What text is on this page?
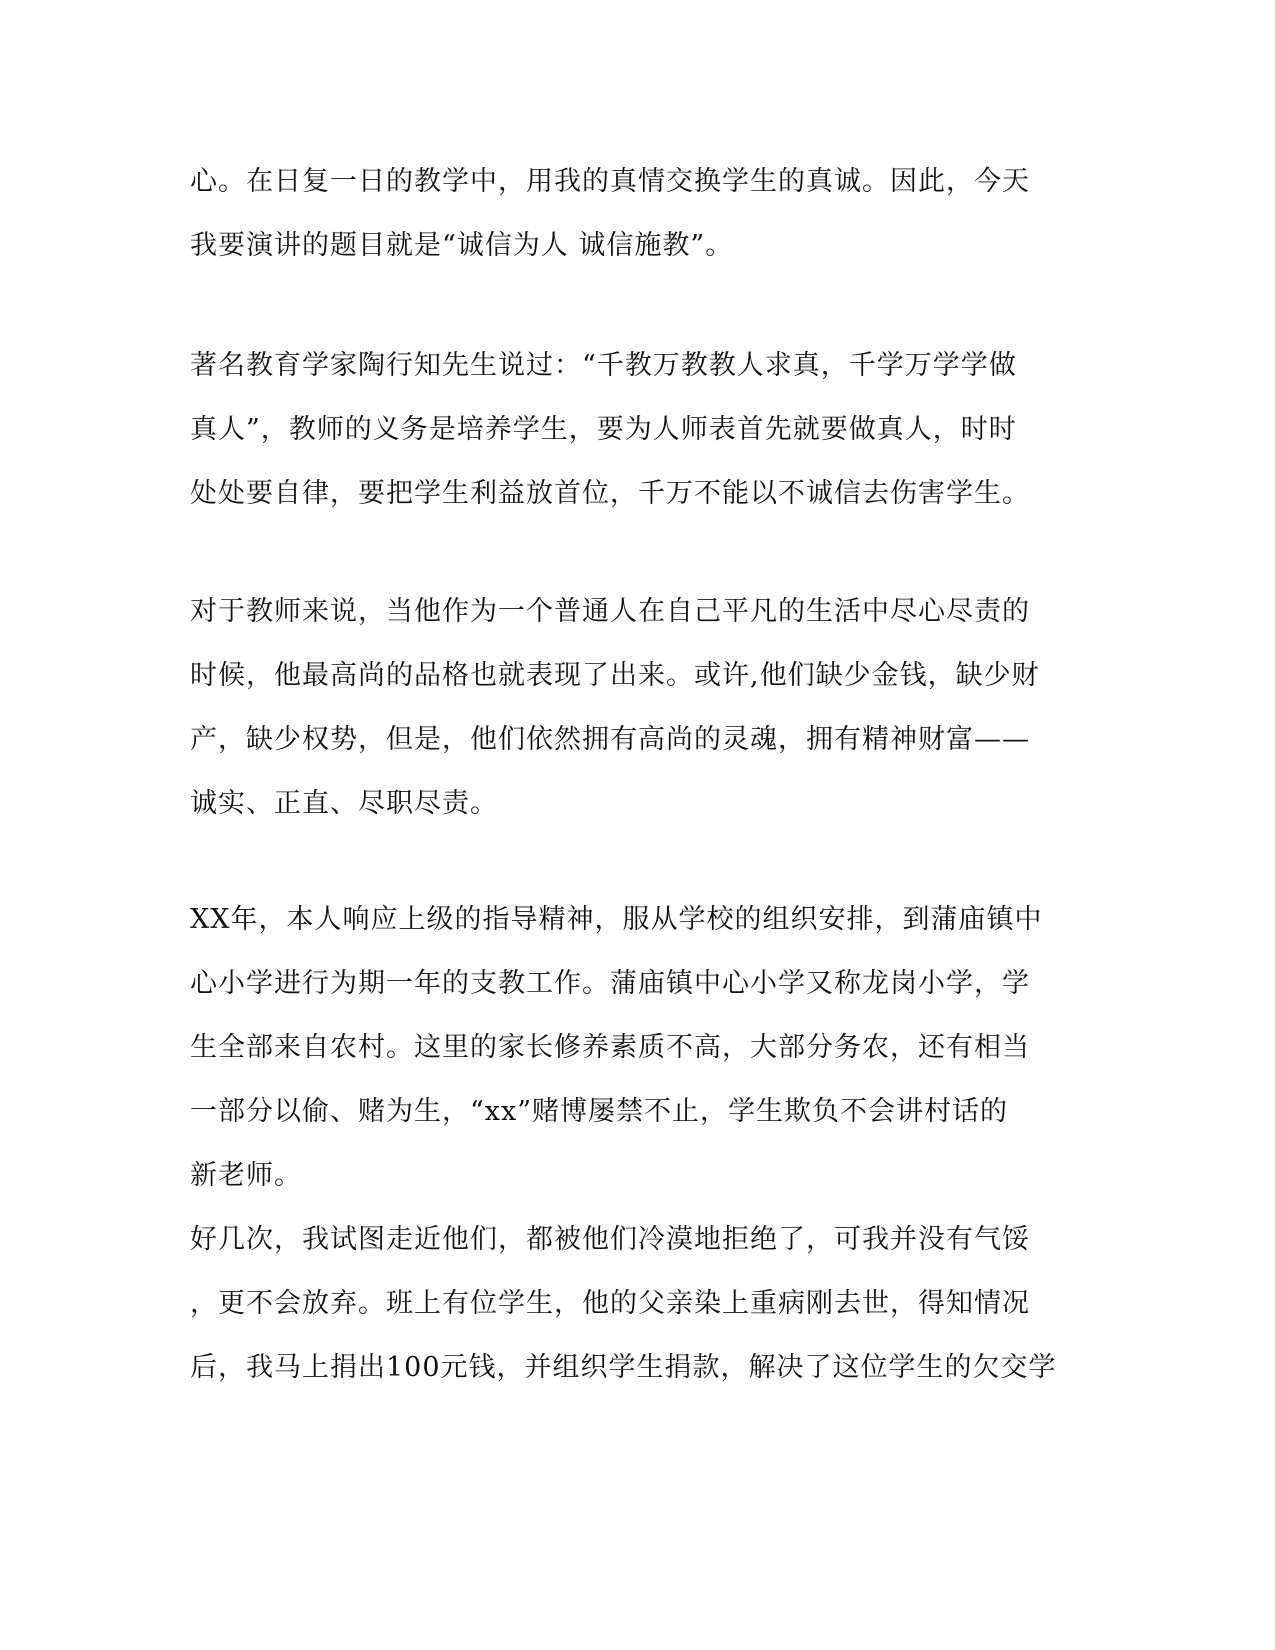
心。在日复一日的教学中，用我的真情交换学生的真诚。因此，今天
我要演讲的题目就是“诚信为人 诚信施教”。
著名教育学家陶行知先生说过：“千教万教教人求真，千学万学学做
真人”，教师的义务是培养学生，要为人师表首先就要做真人，时时
处处要自律，要把学生利益放首位，千万不能以不诚信去伤害学生。
对于教师来说，当他作为一个普通人在自己平凡的生活中尽心尽责的
时候，他最高尚的品格也就表现了出来。或许,他们缺少金钱，缺少财
产，缺少权势，但是，他们依然拥有高尚的灵魂，拥有精神财富——
诚实、正直、尽职尽责。
XX年，本人响应上级的指导精神，服从学校的组织安排，到蒲庙镇中
心小学进行为期一年的支教工作。蒲庙镇中心小学又称龙岗小学，学
生全部来自农村。这里的家长修养素质不高，大部分务农，还有相当
一部分以偷、赌为生，“xx”赌博屡禁不止，学生欺负不会讲村话的
新老师。
好几次，我试图走近他们，都被他们冷漠地拒绝了，可我并没有气馁
，更不会放弃。班上有位学生，他的父亲染上重病刚去世，得知情况
后，我马上捐出100元钱，并组织学生捐款，解决了这位学生的欠交学
